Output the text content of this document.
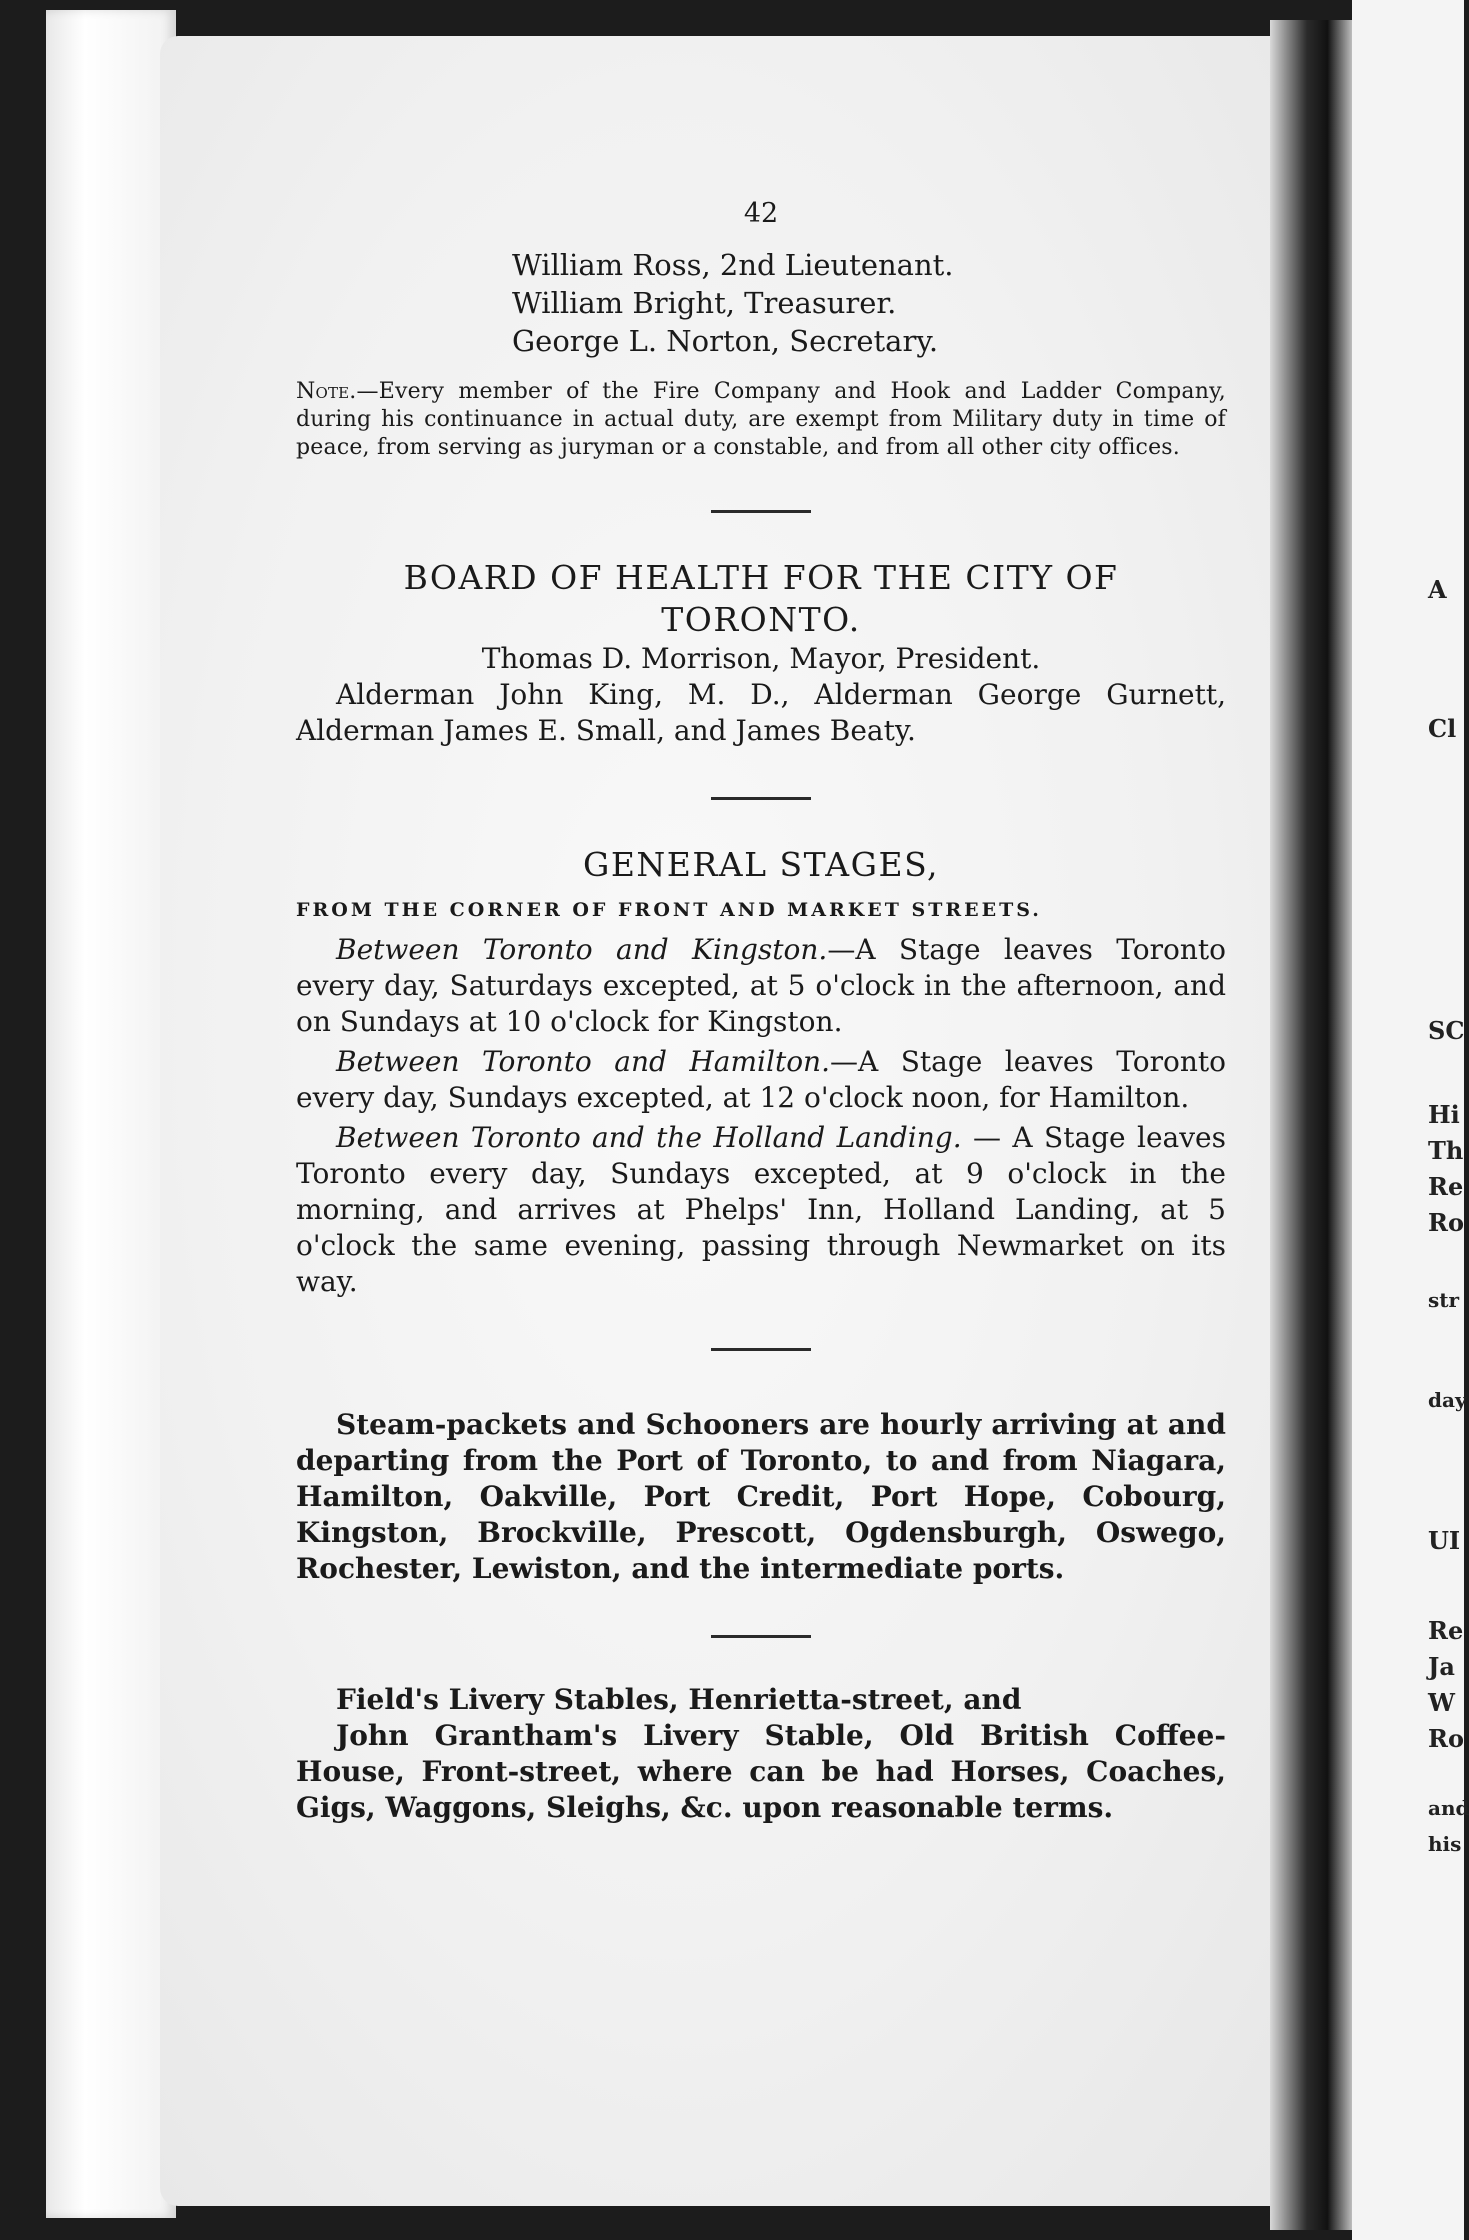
A
Cl
SC
Hi
Th
Re
Ro
str
day
UI
Re
Ja
W
Ro
and
his
42
William Ross, 2nd Lieutenant.
William Bright, Treasurer.
George L. Norton, Secretary.

Note.—Every member of the Fire Company and Hook and Ladder Company, during his continuance in actual duty, are exempt from Military duty in time of peace, from serving as juryman or a constable, and from all other city offices.

BOARD OF HEALTH FOR THE CITY OF
TORONTO.
Thomas D. Morrison, Mayor, President.

Alderman John King, M. D., Alderman George Gurnett, Alderman James E. Small, and James Beaty.

GENERAL STAGES,
FROM THE CORNER OF FRONT AND MARKET STREETS.

Between Toronto and Kingston.—A Stage leaves Toronto every day, Saturdays excepted, at 5 o'clock in the afternoon, and on Sundays at 10 o'clock for Kingston.

Between Toronto and Hamilton.—A Stage leaves Toronto every day, Sundays excepted, at 12 o'clock noon, for Hamilton.

Between Toronto and the Holland Landing. — A Stage leaves Toronto every day, Sundays excepted, at 9 o'clock in the morning, and arrives at Phelps' Inn, Holland Landing, at 5 o'clock the same evening, passing through Newmarket on its way.

Steam-packets and Schooners are hourly arriving at and departing from the Port of Toronto, to and from Niagara, Hamilton, Oakville, Port Credit, Port Hope, Cobourg, Kingston, Brockville, Prescott, Ogdensburgh, Oswego, Rochester, Lewiston, and the intermediate ports.

Field's Livery Stables, Henrietta-street, and

John Grantham's Livery Stable, Old British Coffee-House, Front-street, where can be had Horses, Coaches, Gigs, Waggons, Sleighs, &c. upon reasonable terms.
